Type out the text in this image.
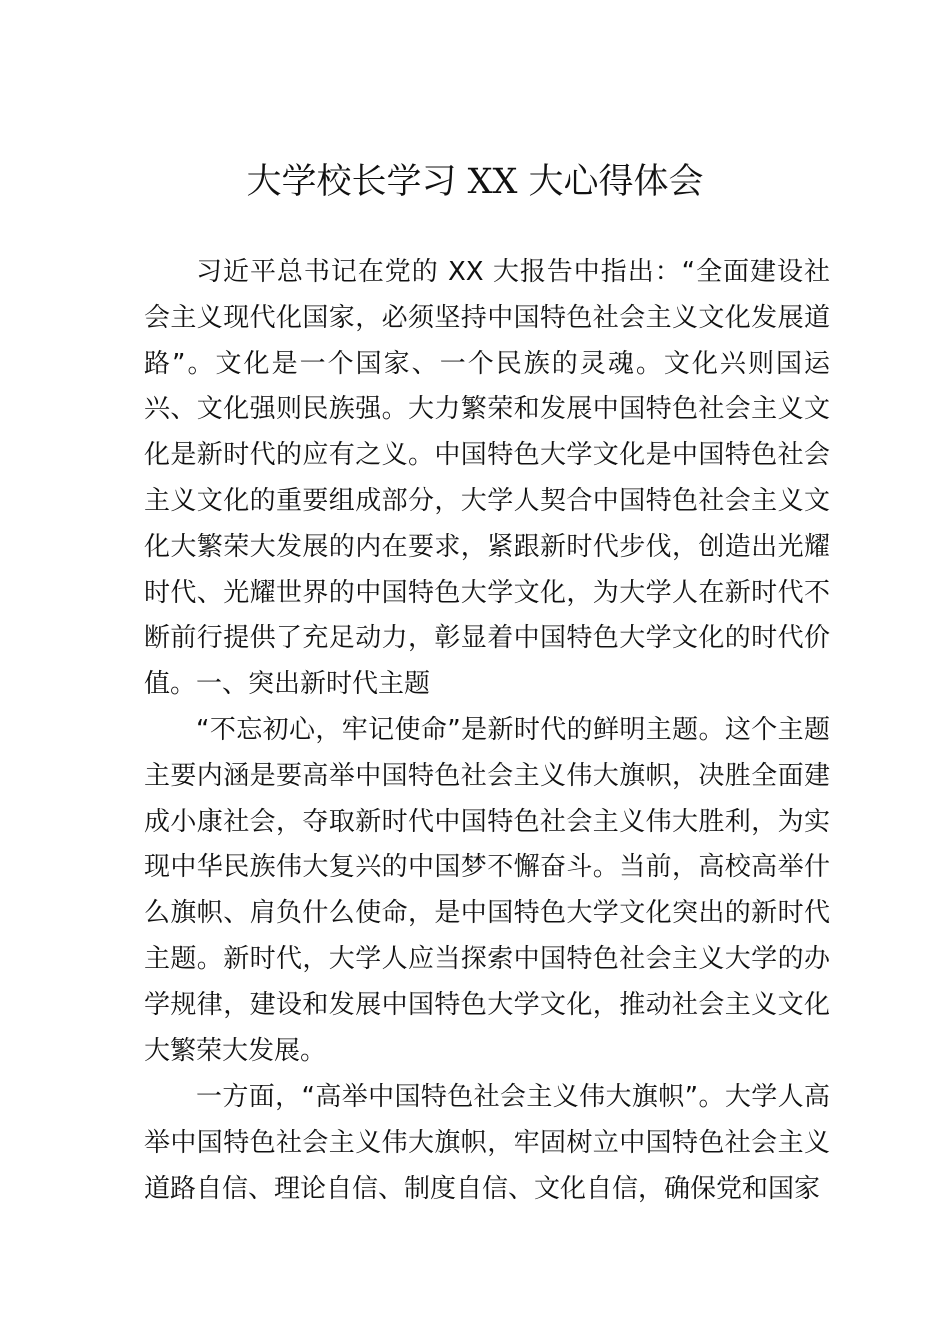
大学校长学习 XX 大心得体会

习近平总书记在党的 XX 大报告中指出：“全面建设社会主义现代化国家，必须坚持中国特色社会主义文化发展道路”。文化是一个国家、一个民族的灵魂。文化兴则国运兴、文化强则民族强。大力繁荣和发展中国特色社会主义文化是新时代的应有之义。中国特色大学文化是中国特色社会主义文化的重要组成部分，大学人契合中国特色社会主义文化大繁荣大发展的内在要求，紧跟新时代步伐，创造出光耀时代、光耀世界的中国特色大学文化，为大学人在新时代不断前行提供了充足动力，彰显着中国特色大学文化的时代价值。 一、突出新时代主题

“不忘初心，牢记使命”是新时代的鲜明主题。这个主题主要内涵是要高举中国特色社会主义伟大旗帜，决胜全面建成小康社会，夺取新时代中国特色社会主义伟大胜利，为实现中华民族伟大复兴的中国梦不懈奋斗。当前，高校高举什么旗帜、肩负什么使命，是中国特色大学文化突出的新时代主题。新时代，大学人应当探索中国特色社会主义大学的办学规律，建设和发展中国特色大学文化，推动社会主义文化大繁荣大发展。

一方面，“高举中国特色社会主义伟大旗帜”。大学人高举中国特色社会主义伟大旗帜，牢固树立中国特色社会主义道路自信、理论自信、制度自信、文化自信，确保党和国家
